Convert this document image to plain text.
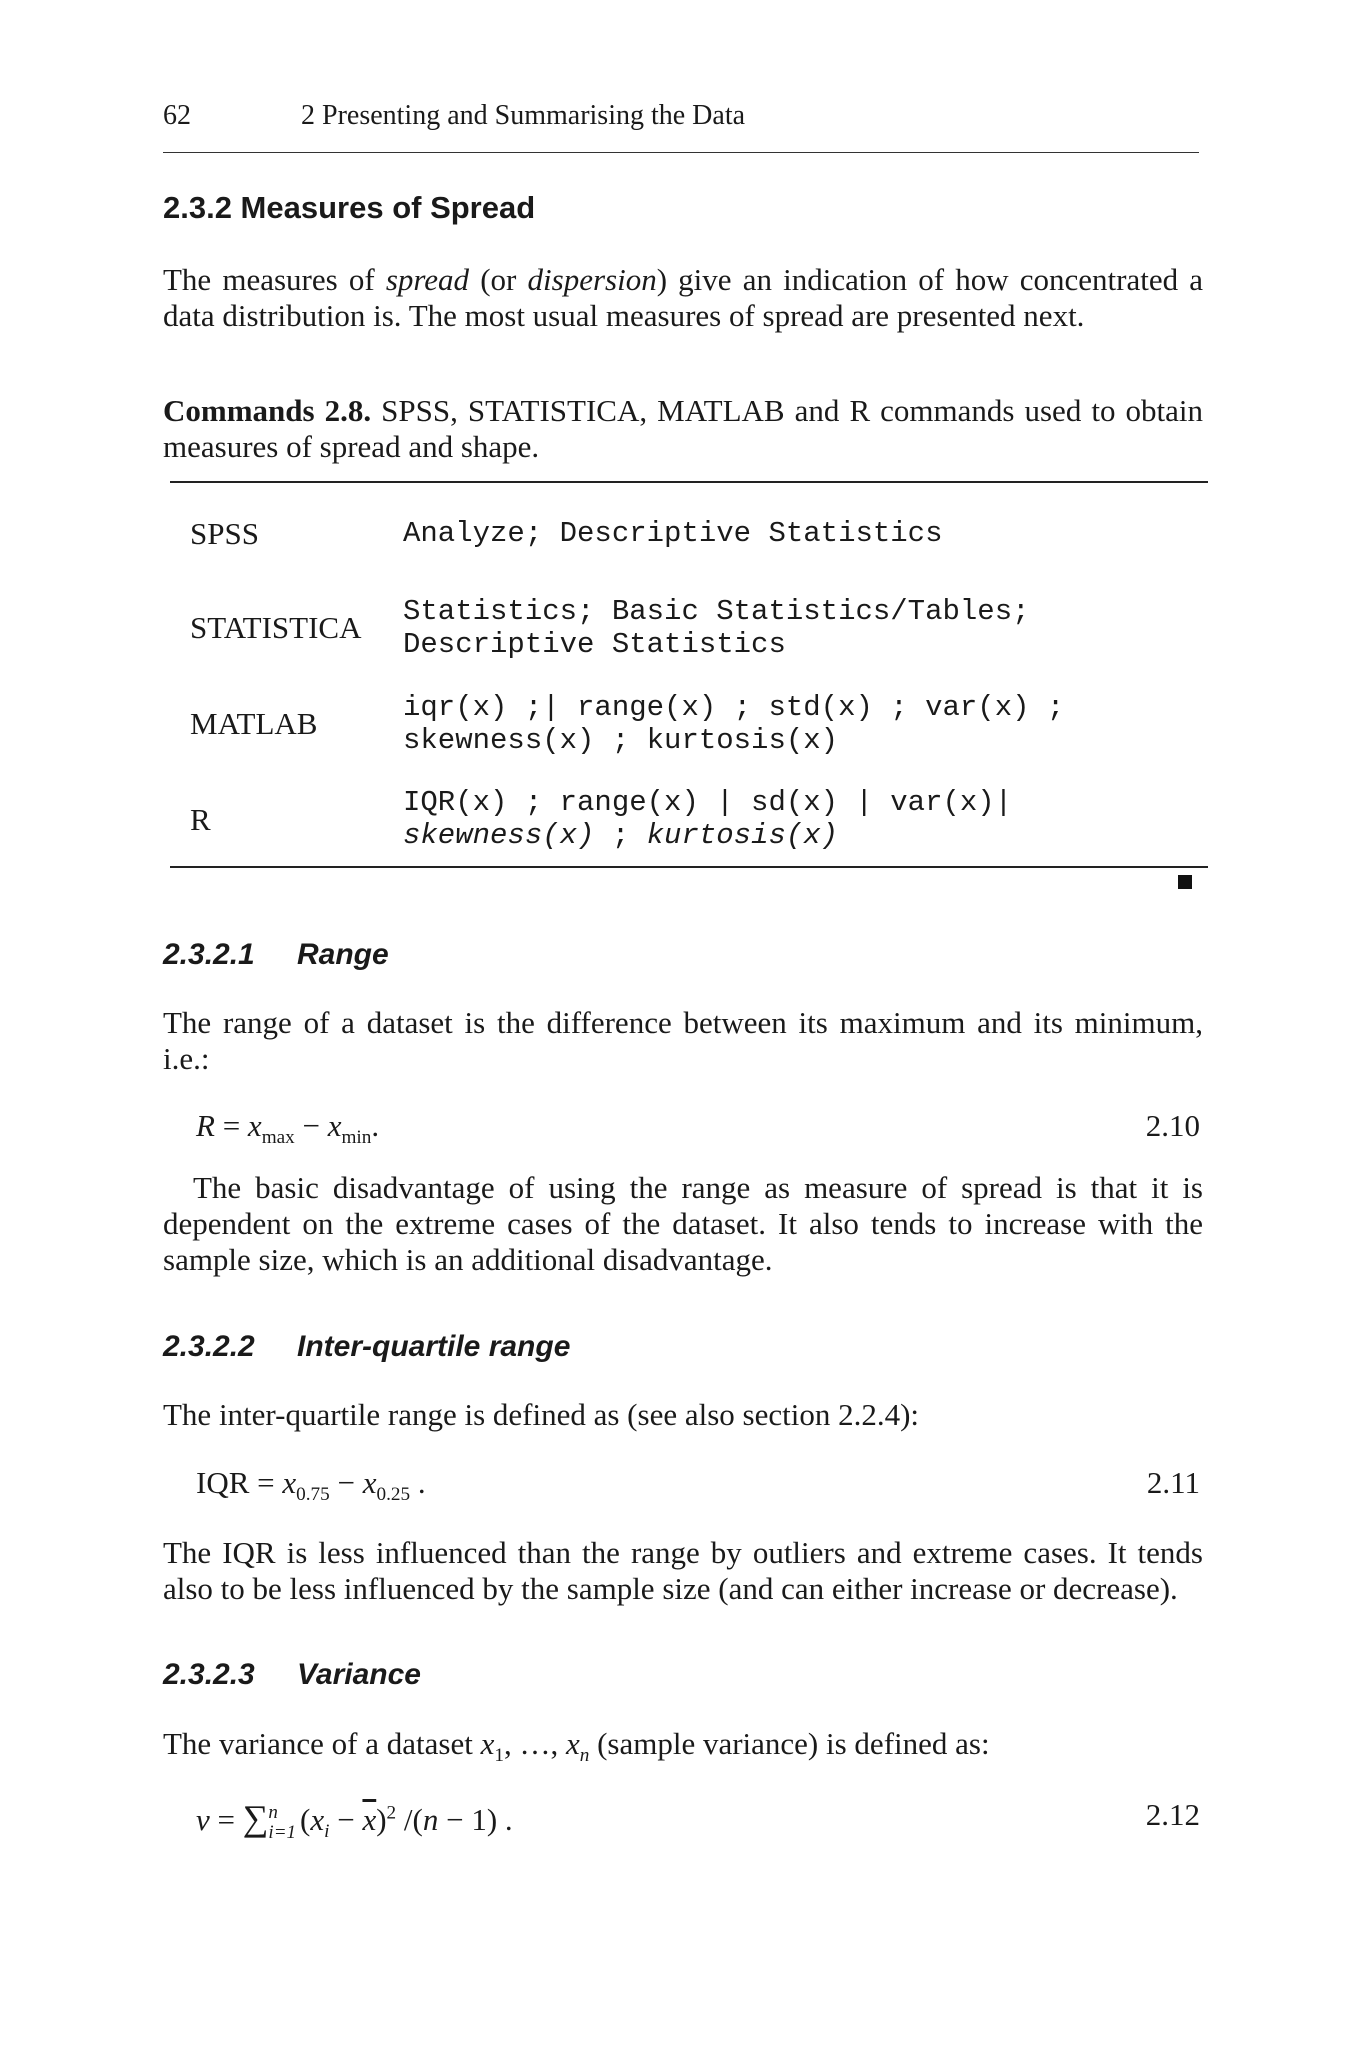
62	2 Presenting and Summarising the Data
2.3.2 Measures of Spread
The measures of spread (or dispersion) give an indication of how concentrated a data distribution is. The most usual measures of spread are presented next.
Commands 2.8. SPSS, STATISTICA, MATLAB and R commands used to obtain measures of spread and shape.
SPSS	Analyze; Descriptive Statistics
STATISTICA Statistics; Basic Statistics/Tables;
Descriptive Statistics
MATLAB	iqr(x) ;| range(x) ; std(x) ; var(x) ;
skewness(x) ; kurtosis(x)
R	IQR(x) ; range(x) | sd(x) | var(x)|
skewness(x) ; kurtosis(x)
2.3.2.1 Range
The range of a dataset is the difference between its maximum and its minimum, i.e.:
$R = x_{max} - x_{min}$.	2.10
The basic disadvantage of using the range as measure of spread is that it is dependent on the extreme cases of the dataset. It also tends to increase with the sample size, which is an additional disadvantage.
2.3.2.2 Inter-quartile range
The inter-quartile range is defined as (see also section 2.2.4):
IQR = $x_{0.75} - x_{0.25}$ .	2.11
The IQR is less influenced than the range by outliers and extreme cases. It tends also to be less influenced by the sample size (and can either increase or decrease).
2.3.2.3 Variance
The variance of a dataset $x_1$, …, $x_n$ (sample variance) is defined as:
v = ∑ n
i=1 $(x_i - \overline{x})^2$ /(n − 1) .	2.12
